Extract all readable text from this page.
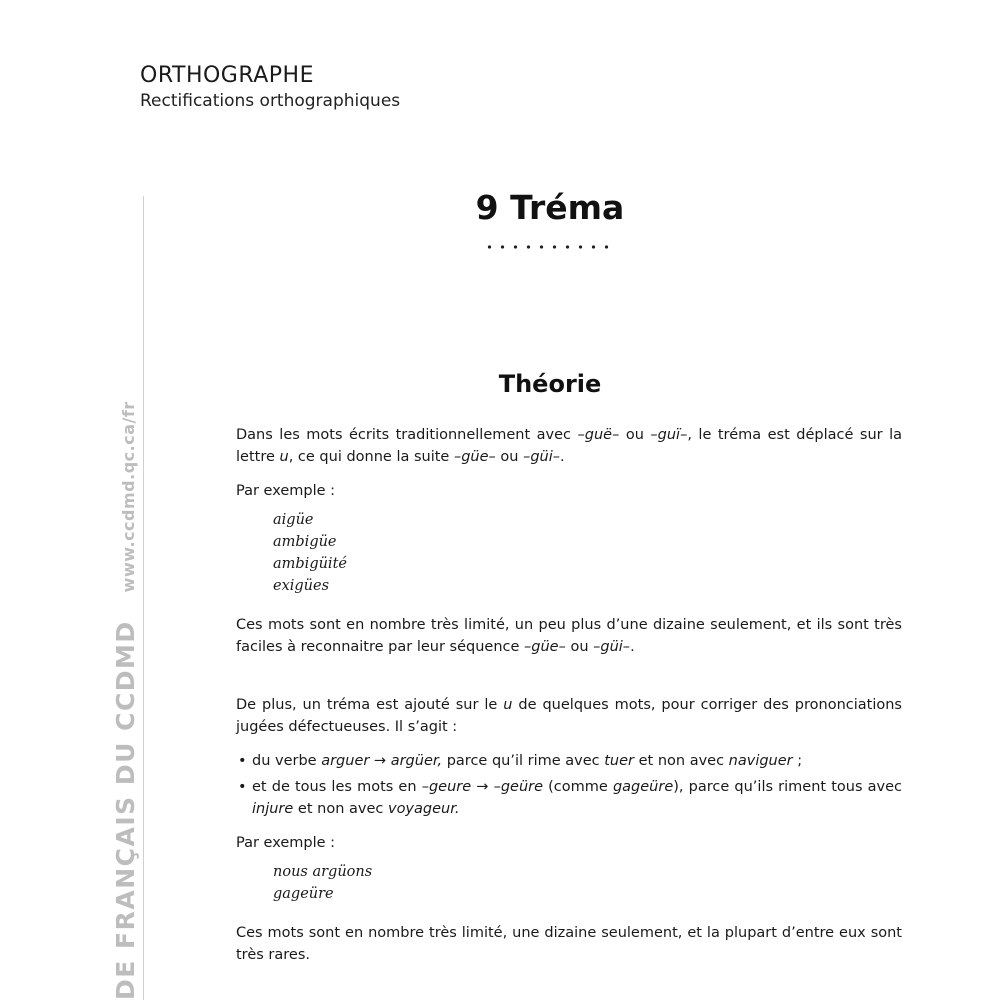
ORTHOGRAPHE
Rectifications orthographiques
DE FRANÇAIS DU CCDMDwww.ccdmd.qc.ca/fr
9 Tréma
Théorie

Dans les mots écrits traditionnellement avec –guë– ou –guï–, le tréma est déplacé sur la lettre u, ce qui donne la suite –güe– ou –güi–.

Par exemple :

aigüe
ambigüe
ambigüité
exigües

Ces mots sont en nombre très limité, un peu plus d’une dizaine seulement, et ils sont très faciles à reconnaitre par leur séquence –güe– ou –güi–.

De plus, un tréma est ajouté sur le u de quelques mots, pour corriger des prononciations jugées défectueuses. Il s’agit :

• du verbe arguer → argüer, parce qu’il rime avec tuer et non avec naviguer ;
• et de tous les mots en –geure → –geüre (comme gageüre), parce qu’ils riment tous avec injure et non avec voyageur.

Par exemple :

nous argüons
gageüre

Ces mots sont en nombre très limité, une dizaine seulement, et la plupart d’entre eux sont très rares.
